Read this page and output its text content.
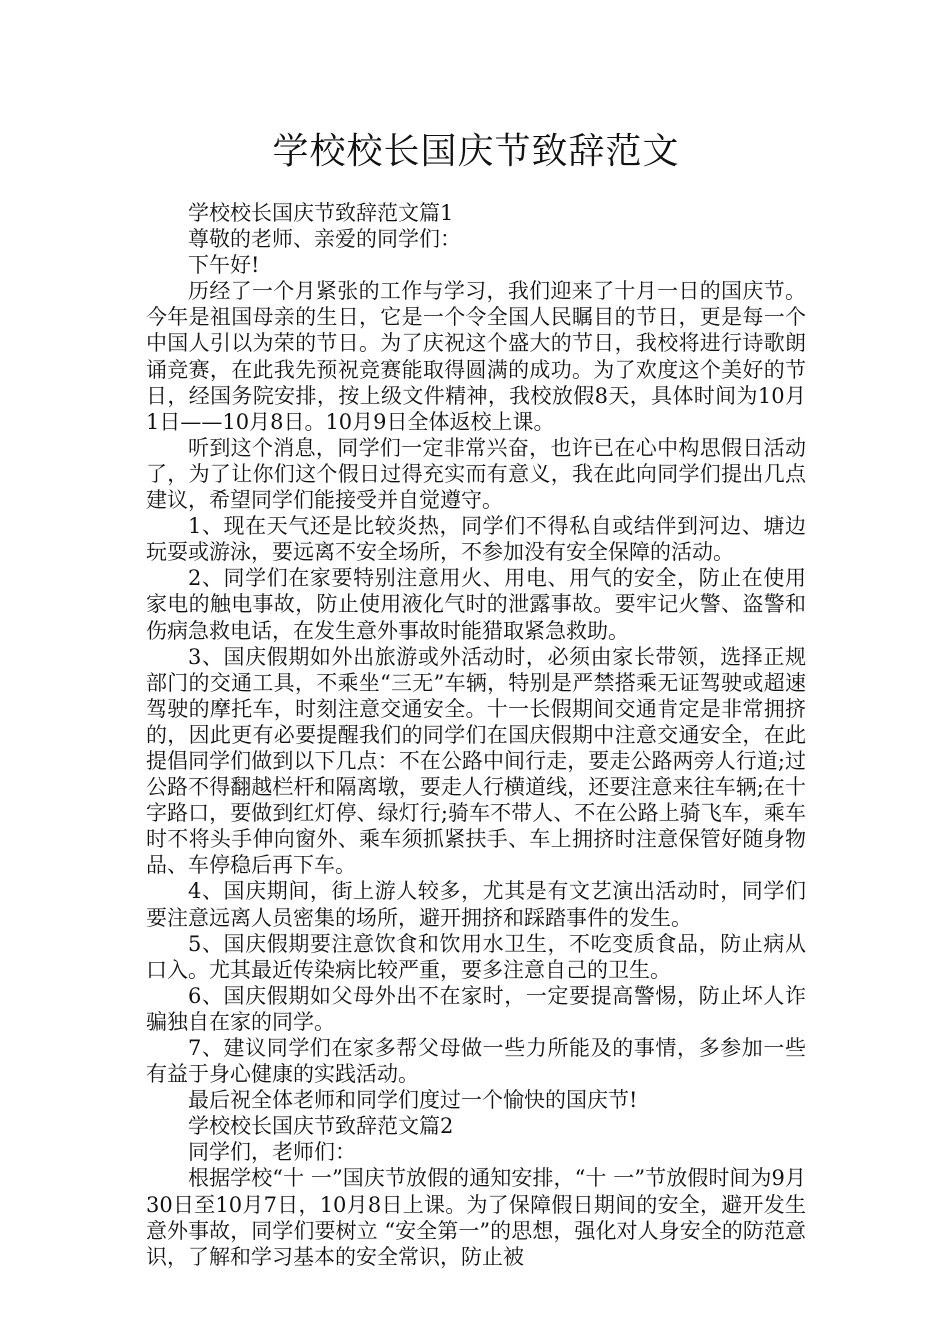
学校校长国庆节致辞范文

学校校长国庆节致辞范文篇1

尊敬的老师、亲爱的同学们：

下午好!

历经了一个月紧张的工作与学习，我们迎来了十月一日的国庆节。今年是祖国母亲的生日，它是一个令全国人民瞩目的节日，更是每一个中国人引以为荣的节日。为了庆祝这个盛大的节日，我校将进行诗歌朗诵竞赛，在此我先预祝竞赛能取得圆满的成功。为了欢度这个美好的节日，经国务院安排，按上级文件精神，我校放假8天，具体时间为10月1日——10月8日。10月9日全体返校上课。

听到这个消息，同学们一定非常兴奋，也许已在心中构思假日活动了，为了让你们这个假日过得充实而有意义，我在此向同学们提出几点建议，希望同学们能接受并自觉遵守。

1、现在天气还是比较炎热，同学们不得私自或结伴到河边、塘边玩耍或游泳，要远离不安全场所，不参加没有安全保障的活动。

2、同学们在家要特别注意用火、用电、用气的安全，防止在使用家电的触电事故，防止使用液化气时的泄露事故。要牢记火警、盗警和伤病急救电话，在发生意外事故时能猎取紧急救助。

3、国庆假期如外出旅游或外活动时，必须由家长带领，选择正规部门的交通工具，不乘坐“三无”车辆，特别是严禁搭乘无证驾驶或超速驾驶的摩托车，时刻注意交通安全。十一长假期间交通肯定是非常拥挤的，因此更有必要提醒我们的同学们在国庆假期中注意交通安全，在此提倡同学们做到以下几点：不在公路中间行走，要走公路两旁人行道;过公路不得翻越栏杆和隔离墩，要走人行横道线，还要注意来往车辆;在十字路口，要做到红灯停、绿灯行;骑车不带人、不在公路上骑飞车，乘车时不将头手伸向窗外、乘车须抓紧扶手、车上拥挤时注意保管好随身物品、车停稳后再下车。

4、国庆期间，街上游人较多，尤其是有文艺演出活动时，同学们要注意远离人员密集的场所，避开拥挤和踩踏事件的发生。

5、国庆假期要注意饮食和饮用水卫生，不吃变质食品，防止病从口入。尤其最近传染病比较严重，要多注意自己的卫生。

6、国庆假期如父母外出不在家时，一定要提高警惕，防止坏人诈骗独自在家的同学。

7、建议同学们在家多帮父母做一些力所能及的事情，多参加一些有益于身心健康的实践活动。

最后祝全体老师和同学们度过一个愉快的国庆节!

学校校长国庆节致辞范文篇2

同学们，老师们：

根据学校“十 一”国庆节放假的通知安排，“十 一”节放假时间为9月30日至10月7日，10月8日上课。为了保障假日期间的安全，避开发生意外事故，同学们要树立 “安全第一”的思想，强化对人身安全的防范意识，了解和学习基本的安全常识，防止被
